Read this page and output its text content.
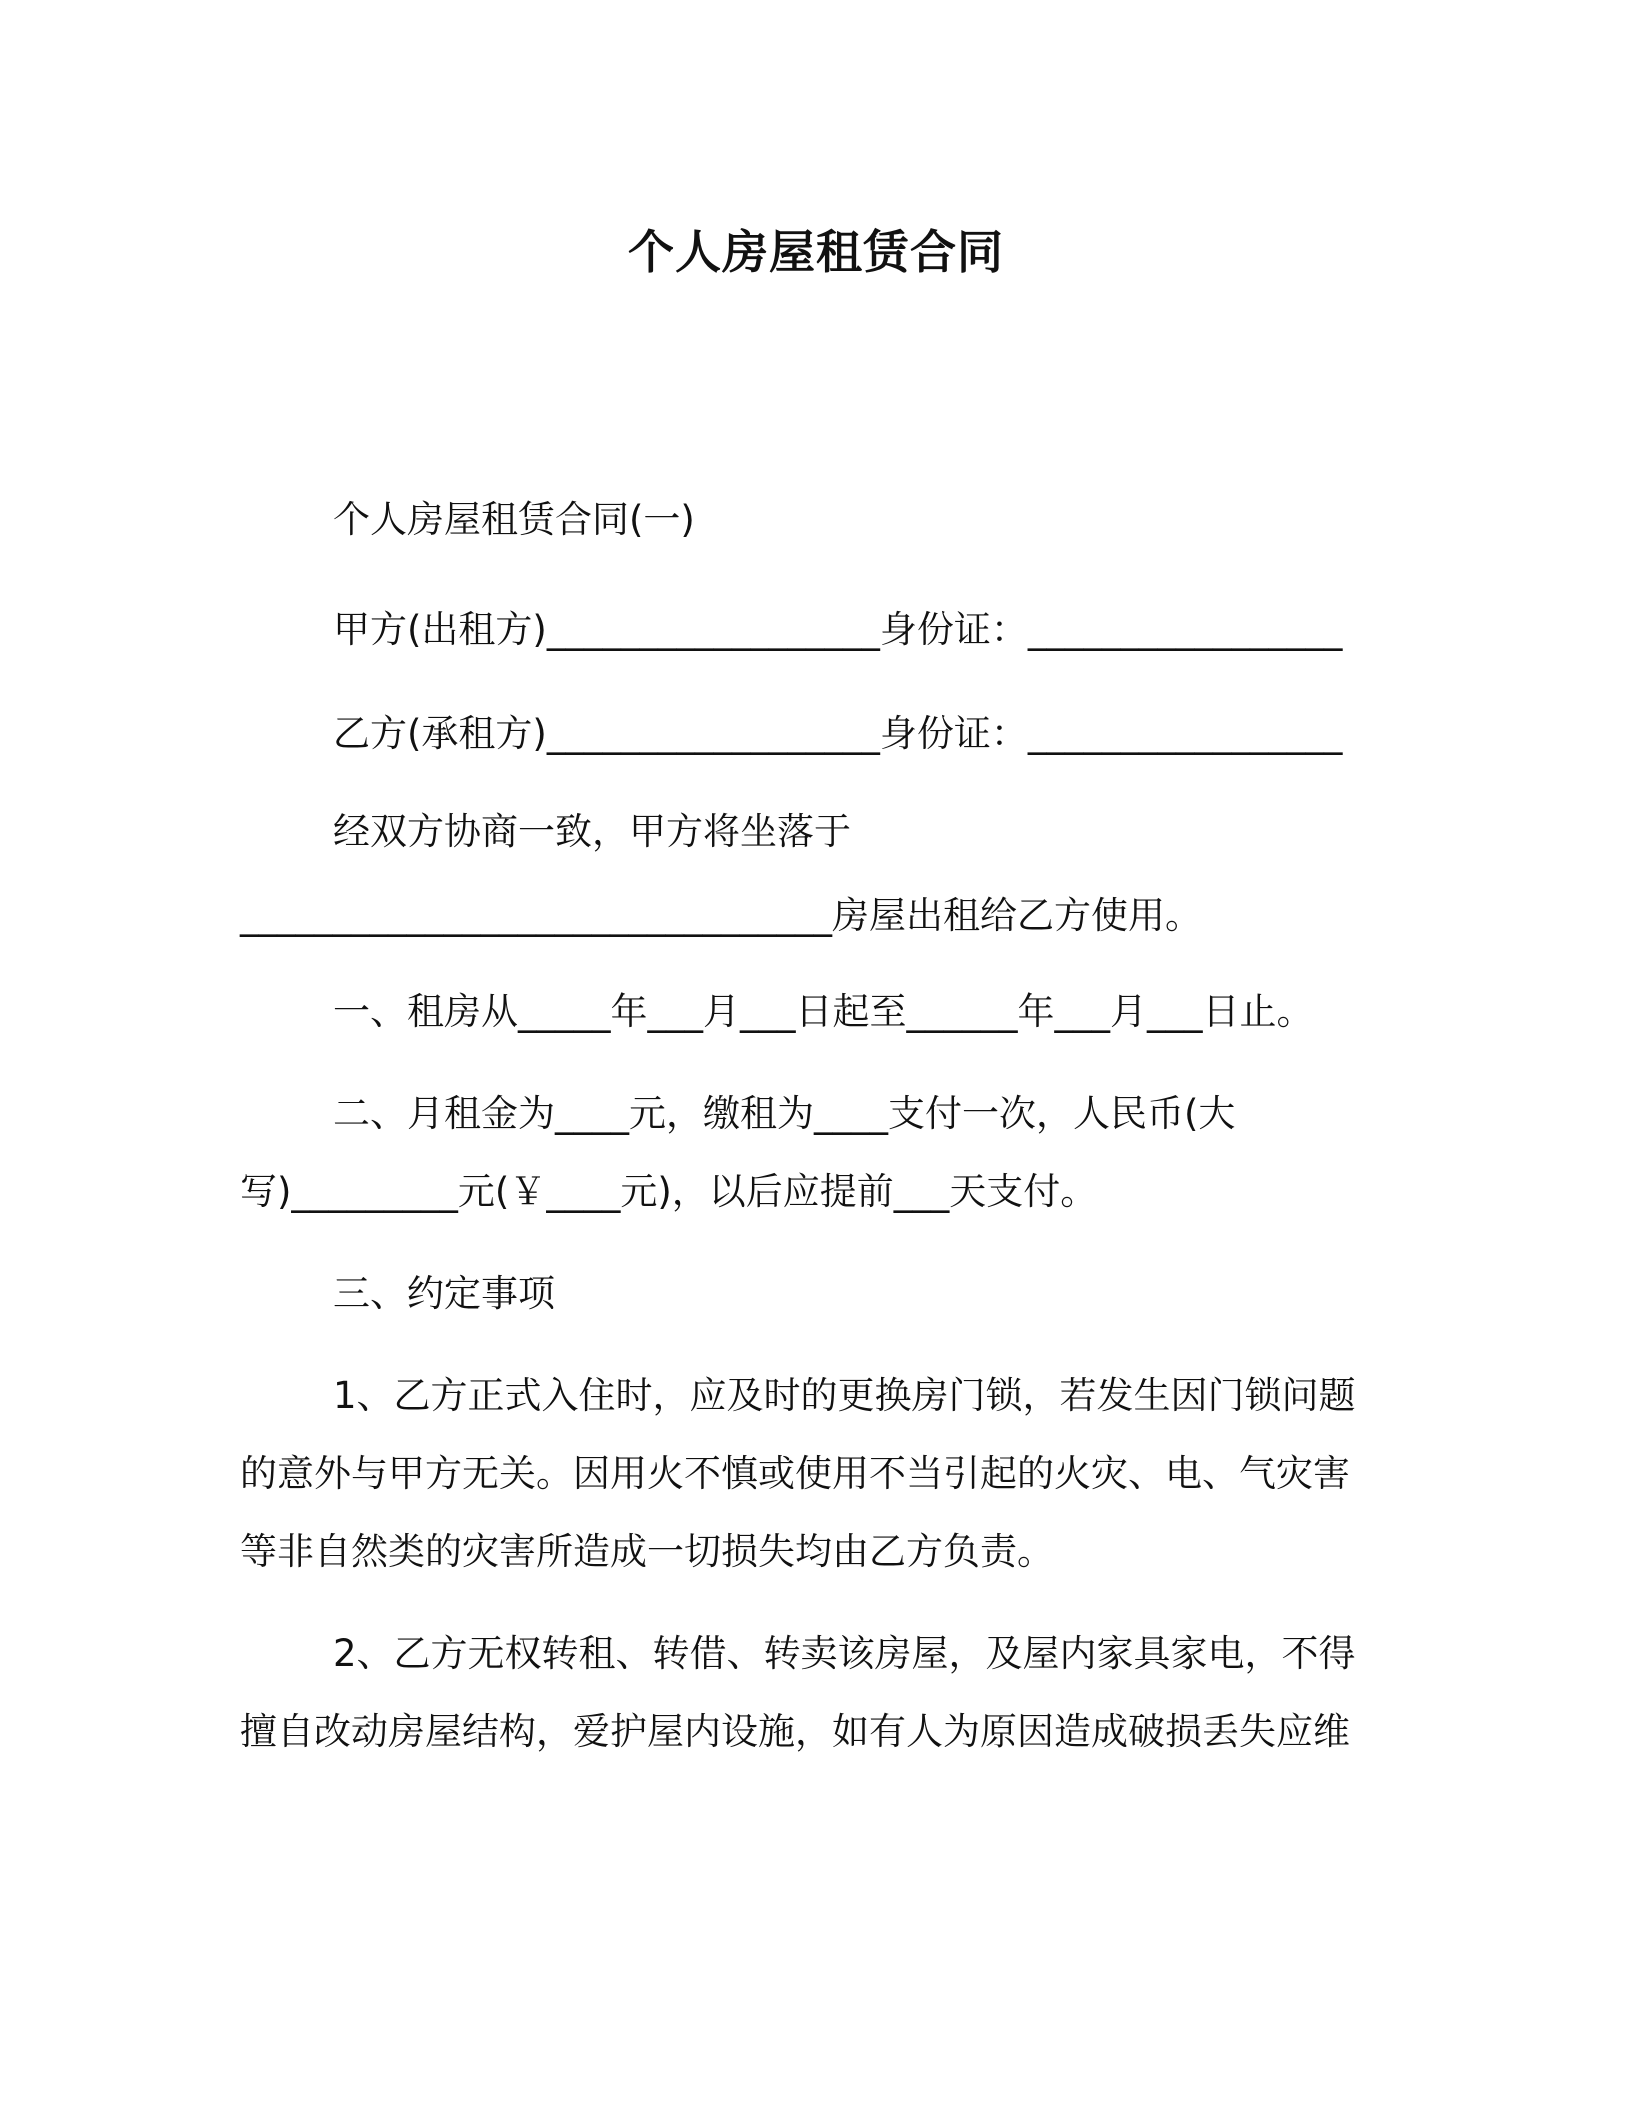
个人房屋租赁合同
个人房屋租赁合同(一)
甲方(出租方)__________________身份证：_________________
乙方(承租方)__________________身份证：_________________
经双方协商一致，甲方将坐落于
________________________________房屋出租给乙方使用。
一、租房从_____年___月___日起至______年___月___日止。
二、月租金为____元，缴租为____支付一次，人民币(大
写)_________元(￥____元)，以后应提前___天支付。
三、约定事项
1、乙方正式入住时，应及时的更换房门锁，若发生因门锁问题
的意外与甲方无关。因用火不慎或使用不当引起的火灾、电、气灾害
等非自然类的灾害所造成一切损失均由乙方负责。
2、乙方无权转租、转借、转卖该房屋，及屋内家具家电，不得
擅自改动房屋结构，爱护屋内设施，如有人为原因造成破损丢失应维
